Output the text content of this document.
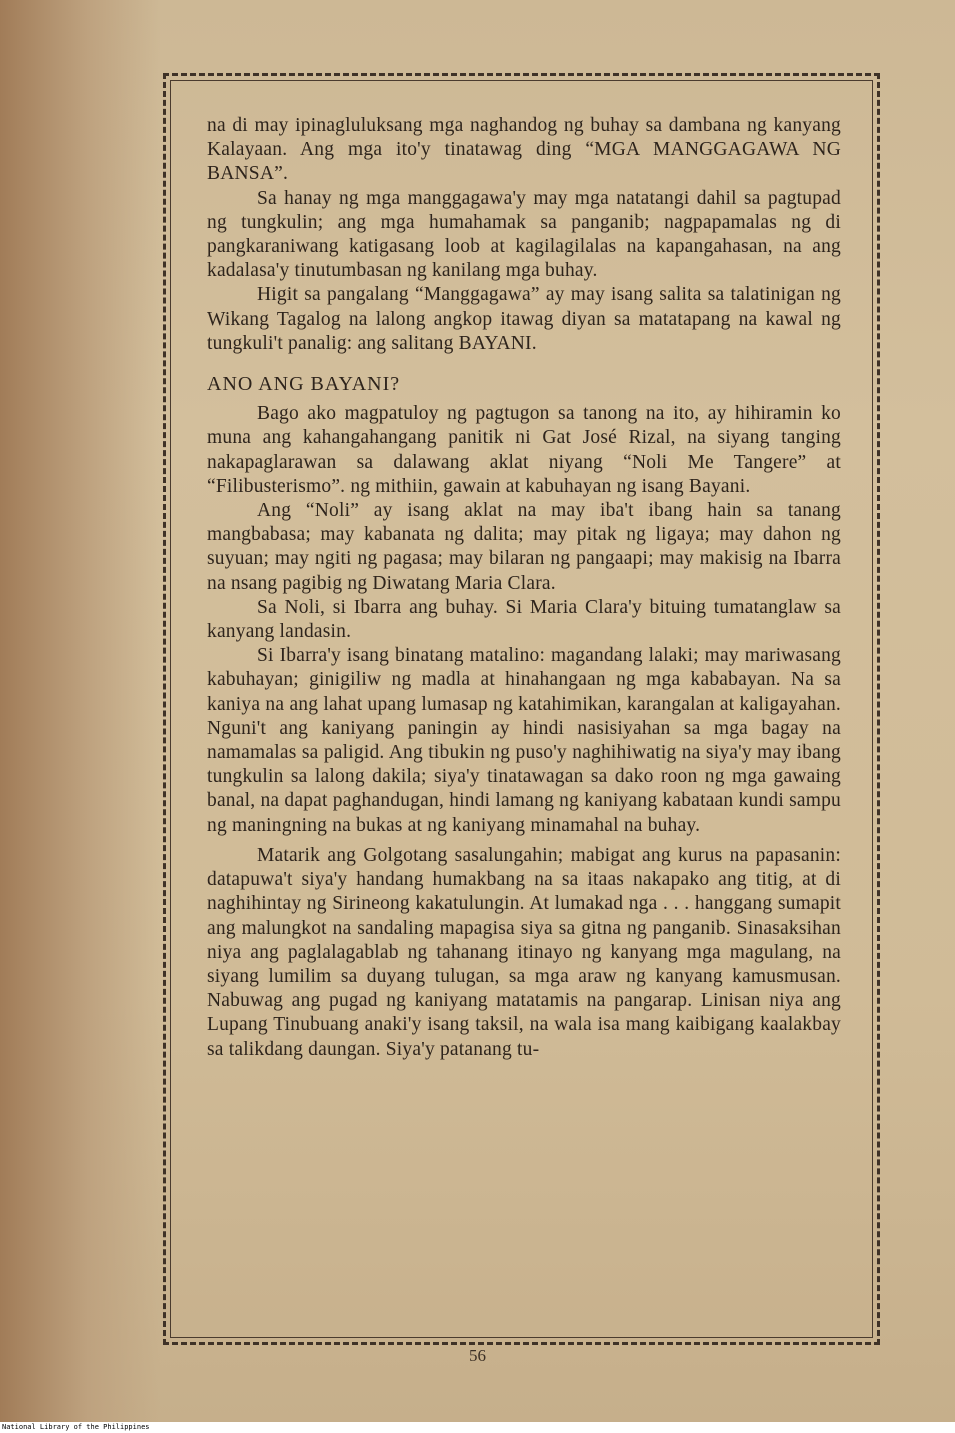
na di may ipinagluluksang mga naghandog ng buhay sa dambana ng kanyang Kalayaan. Ang mga ito'y tinatawag ding “MGA MANGGAGAWA NG BANSA”.

Sa hanay ng mga manggagawa'y may mga natatangi dahil sa pagtupad ng tungkulin; ang mga humahamak sa panganib; nagpapamalas ng di pangkaraniwang katigasang loob at kagilagilalas na kapangahasan, na ang kadalasa'y tinutumbasan ng kanilang mga buhay.

Higit sa pangalang “Manggagawa” ay may isang salita sa talatinigan ng Wikang Tagalog na lalong angkop itawag diyan sa matatapang na kawal ng tungkuli't panalig: ang salitang BAYANI.

ANO ANG BAYANI?

Bago ako magpatuloy ng pagtugon sa tanong na ito, ay hihiramin ko muna ang kahangahangang panitik ni Gat José Rizal, na siyang tanging nakapaglarawan sa dalawang aklat niyang “Noli Me Tangere” at “Filibusterismo”. ng mithiin, gawain at kabuhayan ng isang Bayani.

Ang “Noli” ay isang aklat na may iba't ibang hain sa tanang mangbabasa; may kabanata ng dalita; may pitak ng ligaya; may dahon ng suyuan; may ngiti ng pagasa; may bilaran ng pangaapi; may makisig na Ibarra na nsang pagibig ng Diwatang Maria Clara.

Sa Noli, si Ibarra ang buhay. Si Maria Clara'y bituing tumatanglaw sa kanyang landasin.

Si Ibarra'y isang binatang matalino: magandang lalaki; may mariwasang kabuhayan; ginigiliw ng madla at hinahangaan ng mga kababayan. Na sa kaniya na ang lahat upang lumasap ng katahimikan, karangalan at kaligayahan. Nguni't ang kaniyang paningin ay hindi nasisiyahan sa mga bagay na namamalas sa paligid. Ang tibukin ng puso'y naghihiwatig na siya'y may ibang tungkulin sa lalong dakila; siya'y tinatawagan sa dako roon ng mga gawaing banal, na dapat paghandugan, hindi lamang ng kaniyang kabataan kundi sampu ng maningning na bukas at ng kaniyang minamahal na buhay.

Matarik ang Golgotang sasalungahin; mabigat ang kurus na papasanin: datapuwa't siya'y handang humakbang na sa itaas nakapako ang titig, at di naghihintay ng Sirineong kakatulungin. At lumakad nga . . . hanggang sumapit ang malungkot na sandaling mapagisa siya sa gitna ng panganib. Sinasaksihan niya ang paglalagablab ng tahanang itinayo ng kanyang mga magulang, na siyang lumilim sa duyang tulugan, sa mga araw ng kanyang kamusmusan. Nabuwag ang pugad ng kaniyang matatamis na pangarap. Linisan niya ang Lupang Tinubuang anaki'y isang taksil, na wala isa mang kaibigang kaalakbay sa talikdang daungan. Siya'y patanang tu-

56
National Library of the Philippines
